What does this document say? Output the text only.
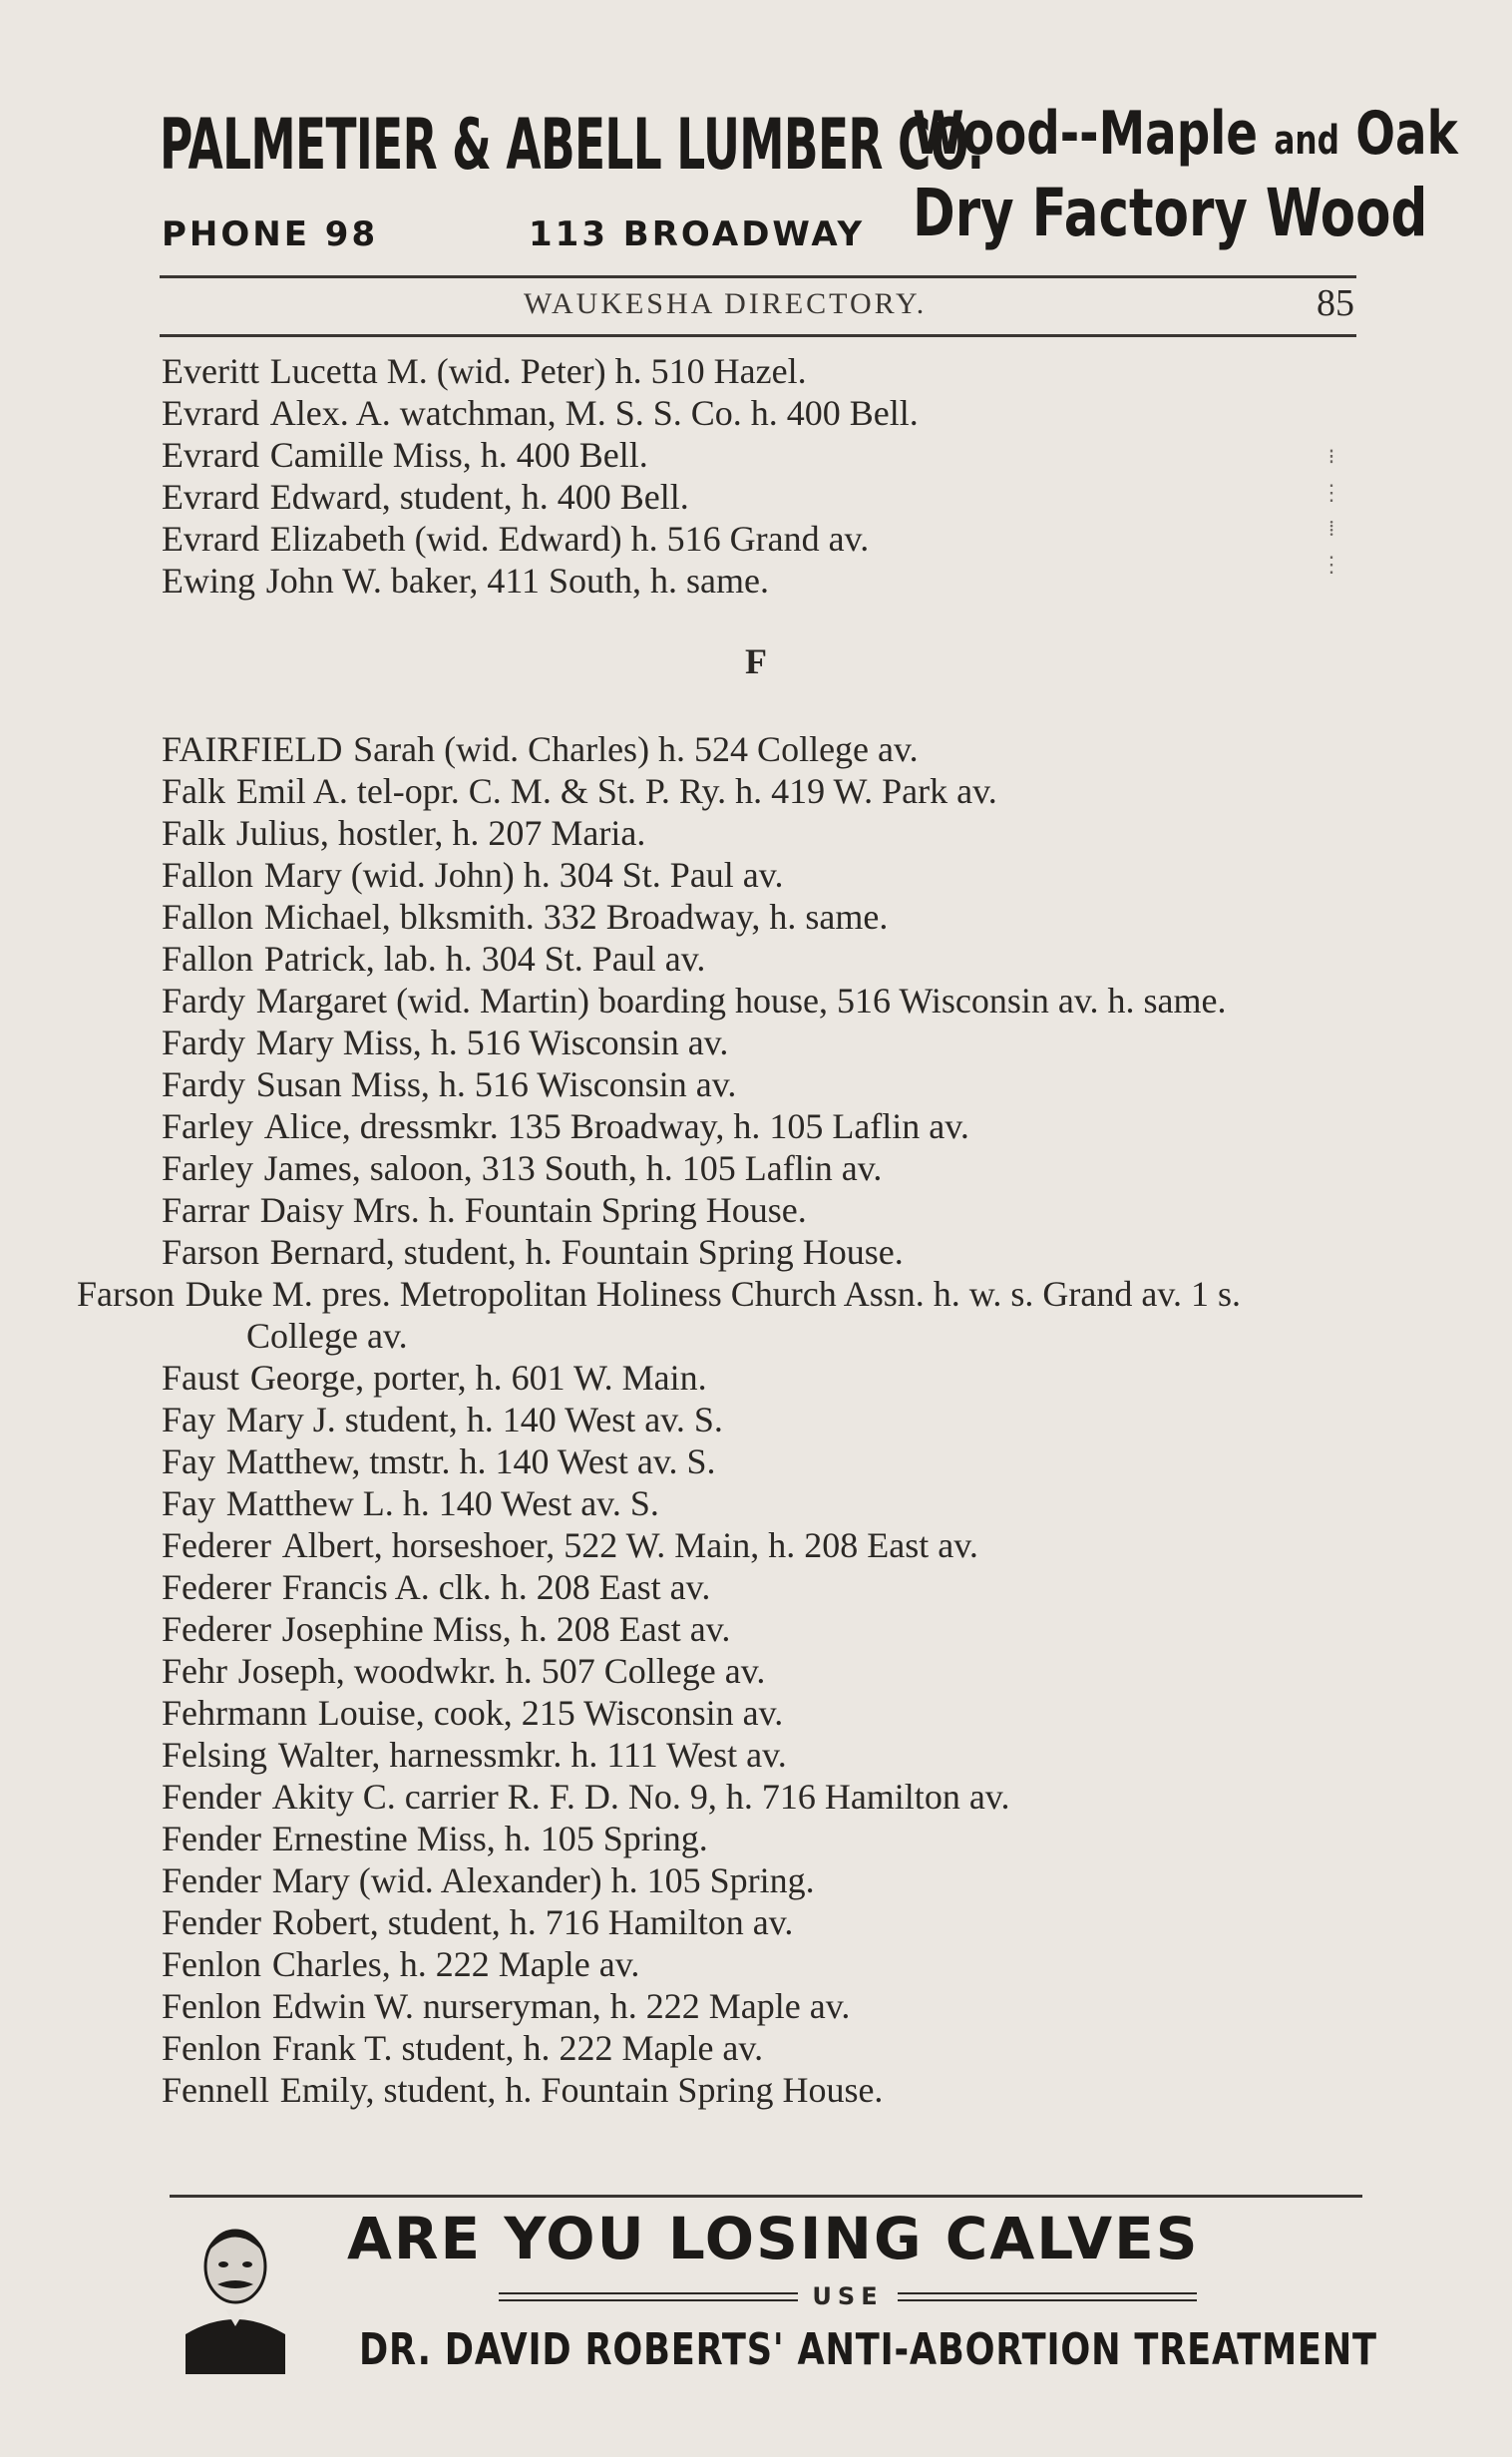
PALMETIER & ABELL LUMBER CO.
PHONE 98	113 BROADWAY
Wood--Maple and Oak
Dry Factory Wood
WAUKESHA DIRECTORY.	85
Everitt Lucetta M. (wid. Peter) h. 510 Hazel.
Evrard Alex. A. watchman, M. S. S. Co. h. 400 Bell.
Evrard Camille Miss, h. 400 Bell.
Evrard Edward, student, h. 400 Bell.
Evrard Elizabeth (wid. Edward) h. 516 Grand av.
Ewing John W. baker, 411 South, h. same.
⁝
⋮
⁞
⋮
F
FAIRFIELD Sarah (wid. Charles) h. 524 College av.
Falk Emil A. tel-opr. C. M. & St. P. Ry. h. 419 W. Park av.
Falk Julius, hostler, h. 207 Maria.
Fallon Mary (wid. John) h. 304 St. Paul av.
Fallon Michael, blksmith. 332 Broadway, h. same.
Fallon Patrick, lab. h. 304 St. Paul av.
Fardy Margaret (wid. Martin) boarding house, 516 Wisconsin av. h. same.
Fardy Mary Miss, h. 516 Wisconsin av.
Fardy Susan Miss, h. 516 Wisconsin av.
Farley Alice, dressmkr. 135 Broadway, h. 105 Laflin av.
Farley James, saloon, 313 South, h. 105 Laflin av.
Farrar Daisy Mrs. h. Fountain Spring House.
Farson Bernard, student, h. Fountain Spring House.
Farson Duke M. pres. Metropolitan Holiness Church Assn. h. w. s. Grand av. 1 s. College av.
Faust George, porter, h. 601 W. Main.
Fay Mary J. student, h. 140 West av. S.
Fay Matthew, tmstr. h. 140 West av. S.
Fay Matthew L. h. 140 West av. S.
Federer Albert, horseshoer, 522 W. Main, h. 208 East av.
Federer Francis A. clk. h. 208 East av.
Federer Josephine Miss, h. 208 East av.
Fehr Joseph, woodwkr. h. 507 College av.
Fehrmann Louise, cook, 215 Wisconsin av.
Felsing Walter, harnessmkr. h. 111 West av.
Fender Akity C. carrier R. F. D. No. 9, h. 716 Hamilton av.
Fender Ernestine Miss, h. 105 Spring.
Fender Mary (wid. Alexander) h. 105 Spring.
Fender Robert, student, h. 716 Hamilton av.
Fenlon Charles, h. 222 Maple av.
Fenlon Edwin W. nurseryman, h. 222 Maple av.
Fenlon Frank T. student, h. 222 Maple av.
Fennell Emily, student, h. Fountain Spring House.
ARE YOU LOSING CALVES
USE
DR. DAVID ROBERTS' ANTI-ABORTION TREATMENT
